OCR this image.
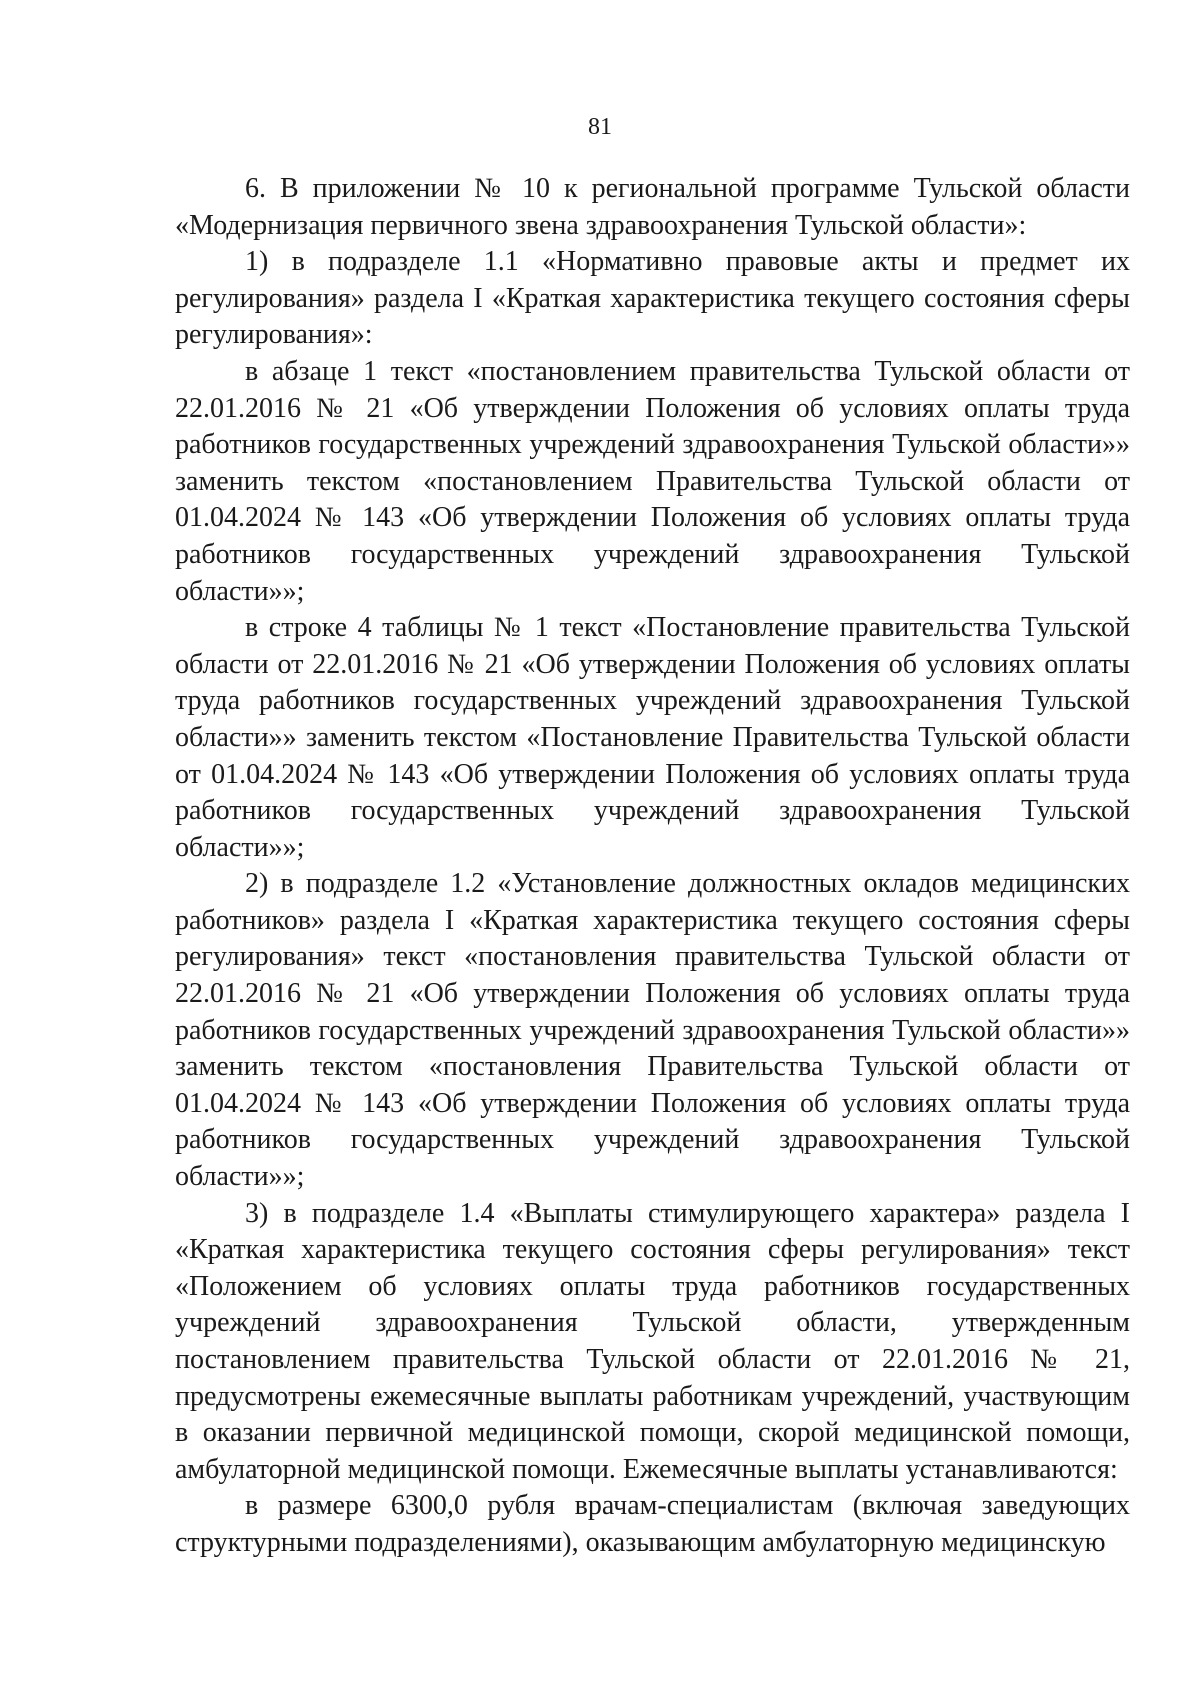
81

6. В приложении № 10 к региональной программе Тульской области «Модернизация первичного звена здравоохранения Тульской области»:

1) в подразделе 1.1 «Нормативно правовые акты и предмет их регулирования» раздела I «Краткая характеристика текущего состояния сферы регулирования»:

в абзаце 1 текст «постановлением правительства Тульской области от 22.01.2016 № 21 «Об утверждении Положения об условиях оплаты труда работников государственных учреждений здравоохранения Тульской области»» заменить текстом «постановлением Правительства Тульской области от 01.04.2024 № 143 «Об утверждении Положения об условиях оплаты труда работников государственных учреждений здравоохранения Тульской области»»;

в строке 4 таблицы № 1 текст «Постановление правительства Тульской области от 22.01.2016 № 21 «Об утверждении Положения об условиях оплаты труда работников государственных учреждений здравоохранения Тульской области»» заменить текстом «Постановление Правительства Тульской области от 01.04.2024 № 143 «Об утверждении Положения об условиях оплаты труда работников государственных учреждений здравоохранения Тульской области»»;

2) в подразделе 1.2 «Установление должностных окладов медицинских работников» раздела I «Краткая характеристика текущего состояния сферы регулирования» текст «постановления правительства Тульской области от 22.01.2016 № 21 «Об утверждении Положения об условиях оплаты труда работников государственных учреждений здравоохранения Тульской области»» заменить текстом «постановления Правительства Тульской области от 01.04.2024 № 143 «Об утверждении Положения об условиях оплаты труда работников государственных учреждений здравоохранения Тульской области»»;

3) в подразделе 1.4 «Выплаты стимулирующего характера» раздела I «Краткая характеристика текущего состояния сферы регулирования» текст «Положением об условиях оплаты труда работников государственных учреждений здравоохранения Тульской области, утвержденным постановлением правительства Тульской области от 22.01.2016 № 21, предусмотрены ежемесячные выплаты работникам учреждений, участвующим в оказании первичной медицинской помощи, скорой медицинской помощи, амбулаторной медицинской помощи. Ежемесячные выплаты устанавливаются:

в размере 6300,0 рубля врачам-специалистам (включая заведующих структурными подразделениями), оказывающим амбулаторную медицинскую
